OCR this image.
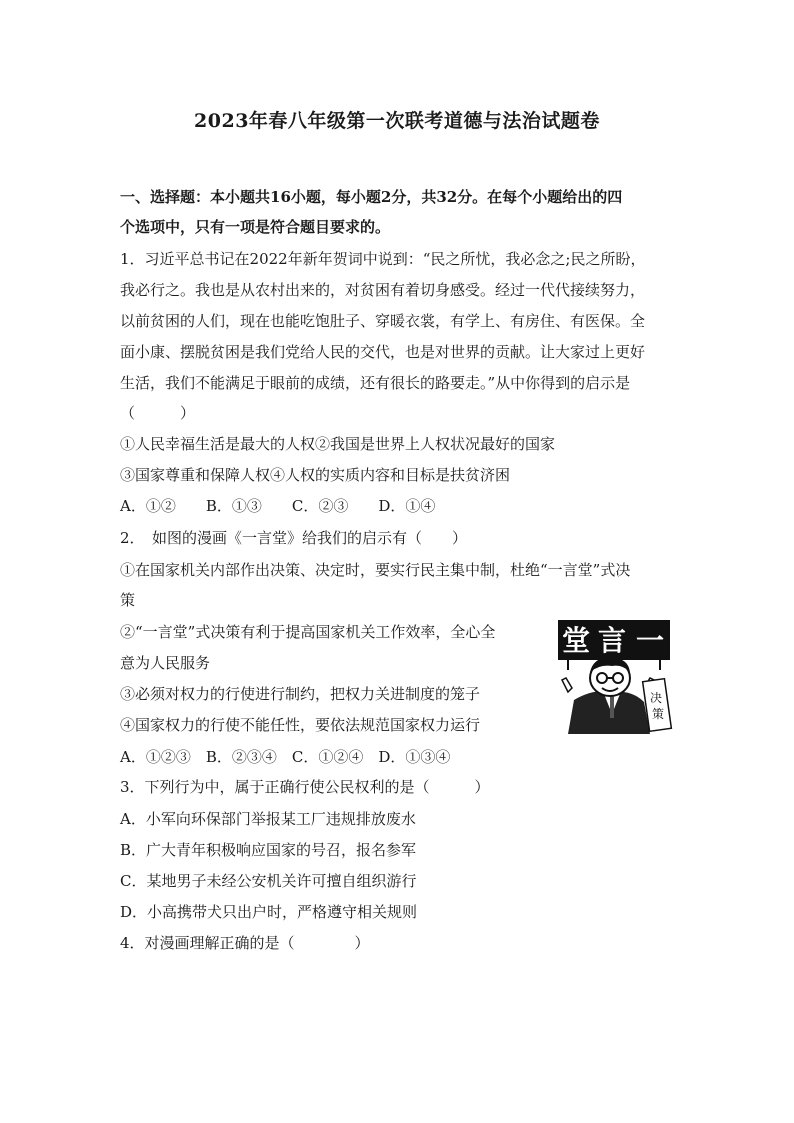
2023年春八年级第一次联考道德与法治试题卷
一、选择题：本小题共16小题，每小题2分，共32分。在每个小题给出的四
个选项中，只有一项是符合题目要求的。
1．习近平总书记在2022年新年贺词中说到：“民之所忧，我必念之;民之所盼，
我必行之。我也是从农村出来的，对贫困有着切身感受。经过一代代接续努力，
以前贫困的人们，现在也能吃饱肚子、穿暖衣裳，有学上、有房住、有医保。全
面小康、摆脱贫困是我们党给人民的交代，也是对世界的贡献。让大家过上更好
生活，我们不能满足于眼前的成绩，还有很长的路要走。”从中你得到的启示是
（　　　）
①人民幸福生活是最大的人权②我国是世界上人权状况最好的国家
③国家尊重和保障人权④人权的实质内容和目标是扶贫济困
A．①②　　B．①③　　C．②③　　D．①④
2．　如图的漫画《一言堂》给我们的启示有（　　）
①在国家机关内部作出决策、决定时，要实行民主集中制，杜绝“一言堂”式决
策
②“一言堂”式决策有利于提高国家机关工作效率，全心全
意为人民服务
③必须对权力的行使进行制约，把权力关进制度的笼子
④国家权力的行使不能任性，要依法规范国家权力运行
A．①②③　B．②③④　C．①②④　D．①③④
堂 言 一
决
策
3．下列行为中，属于正确行使公民权利的是（　　　）
A．小军向环保部门举报某工厂违规排放废水
B．广大青年积极响应国家的号召，报名参军
C．某地男子未经公安机关许可擅自组织游行
D．小高携带犬只出户时，严格遵守相关规则
4．对漫画理解正确的是（　　　　）
